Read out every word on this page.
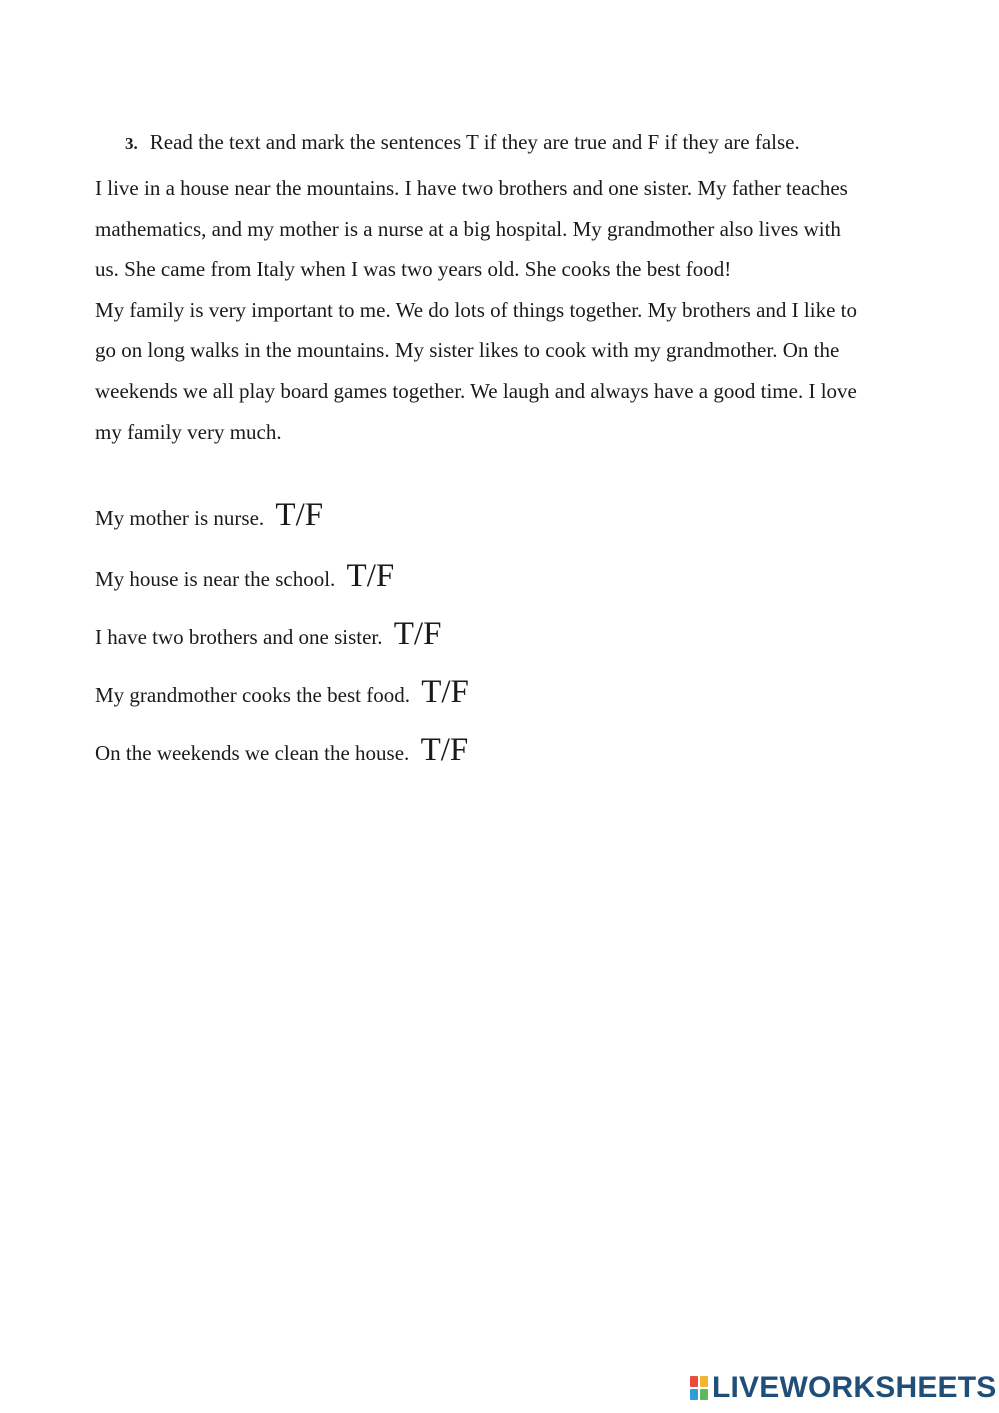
3. Read the text and mark the sentences T if they are true and F if they are false.
I live in a house near the mountains. I have two brothers and one sister. My father teaches
mathematics, and my mother is a nurse at a big hospital. My grandmother also lives with
us. She came from Italy when I was two years old. She cooks the best food!
My family is very important to me. We do lots of things together. My brothers and I like to
go on long walks in the mountains. My sister likes to cook with my grandmother. On the
weekends we all play board games together. We laugh and always have a good time. I love
my family very much.
My mother is nurse. T/F
My house is near the school. T/F
I have two brothers and one sister. T/F
My grandmother cooks the best food. T/F
On the weekends we clean the house. T/F
LIVEWORKSHEETS
